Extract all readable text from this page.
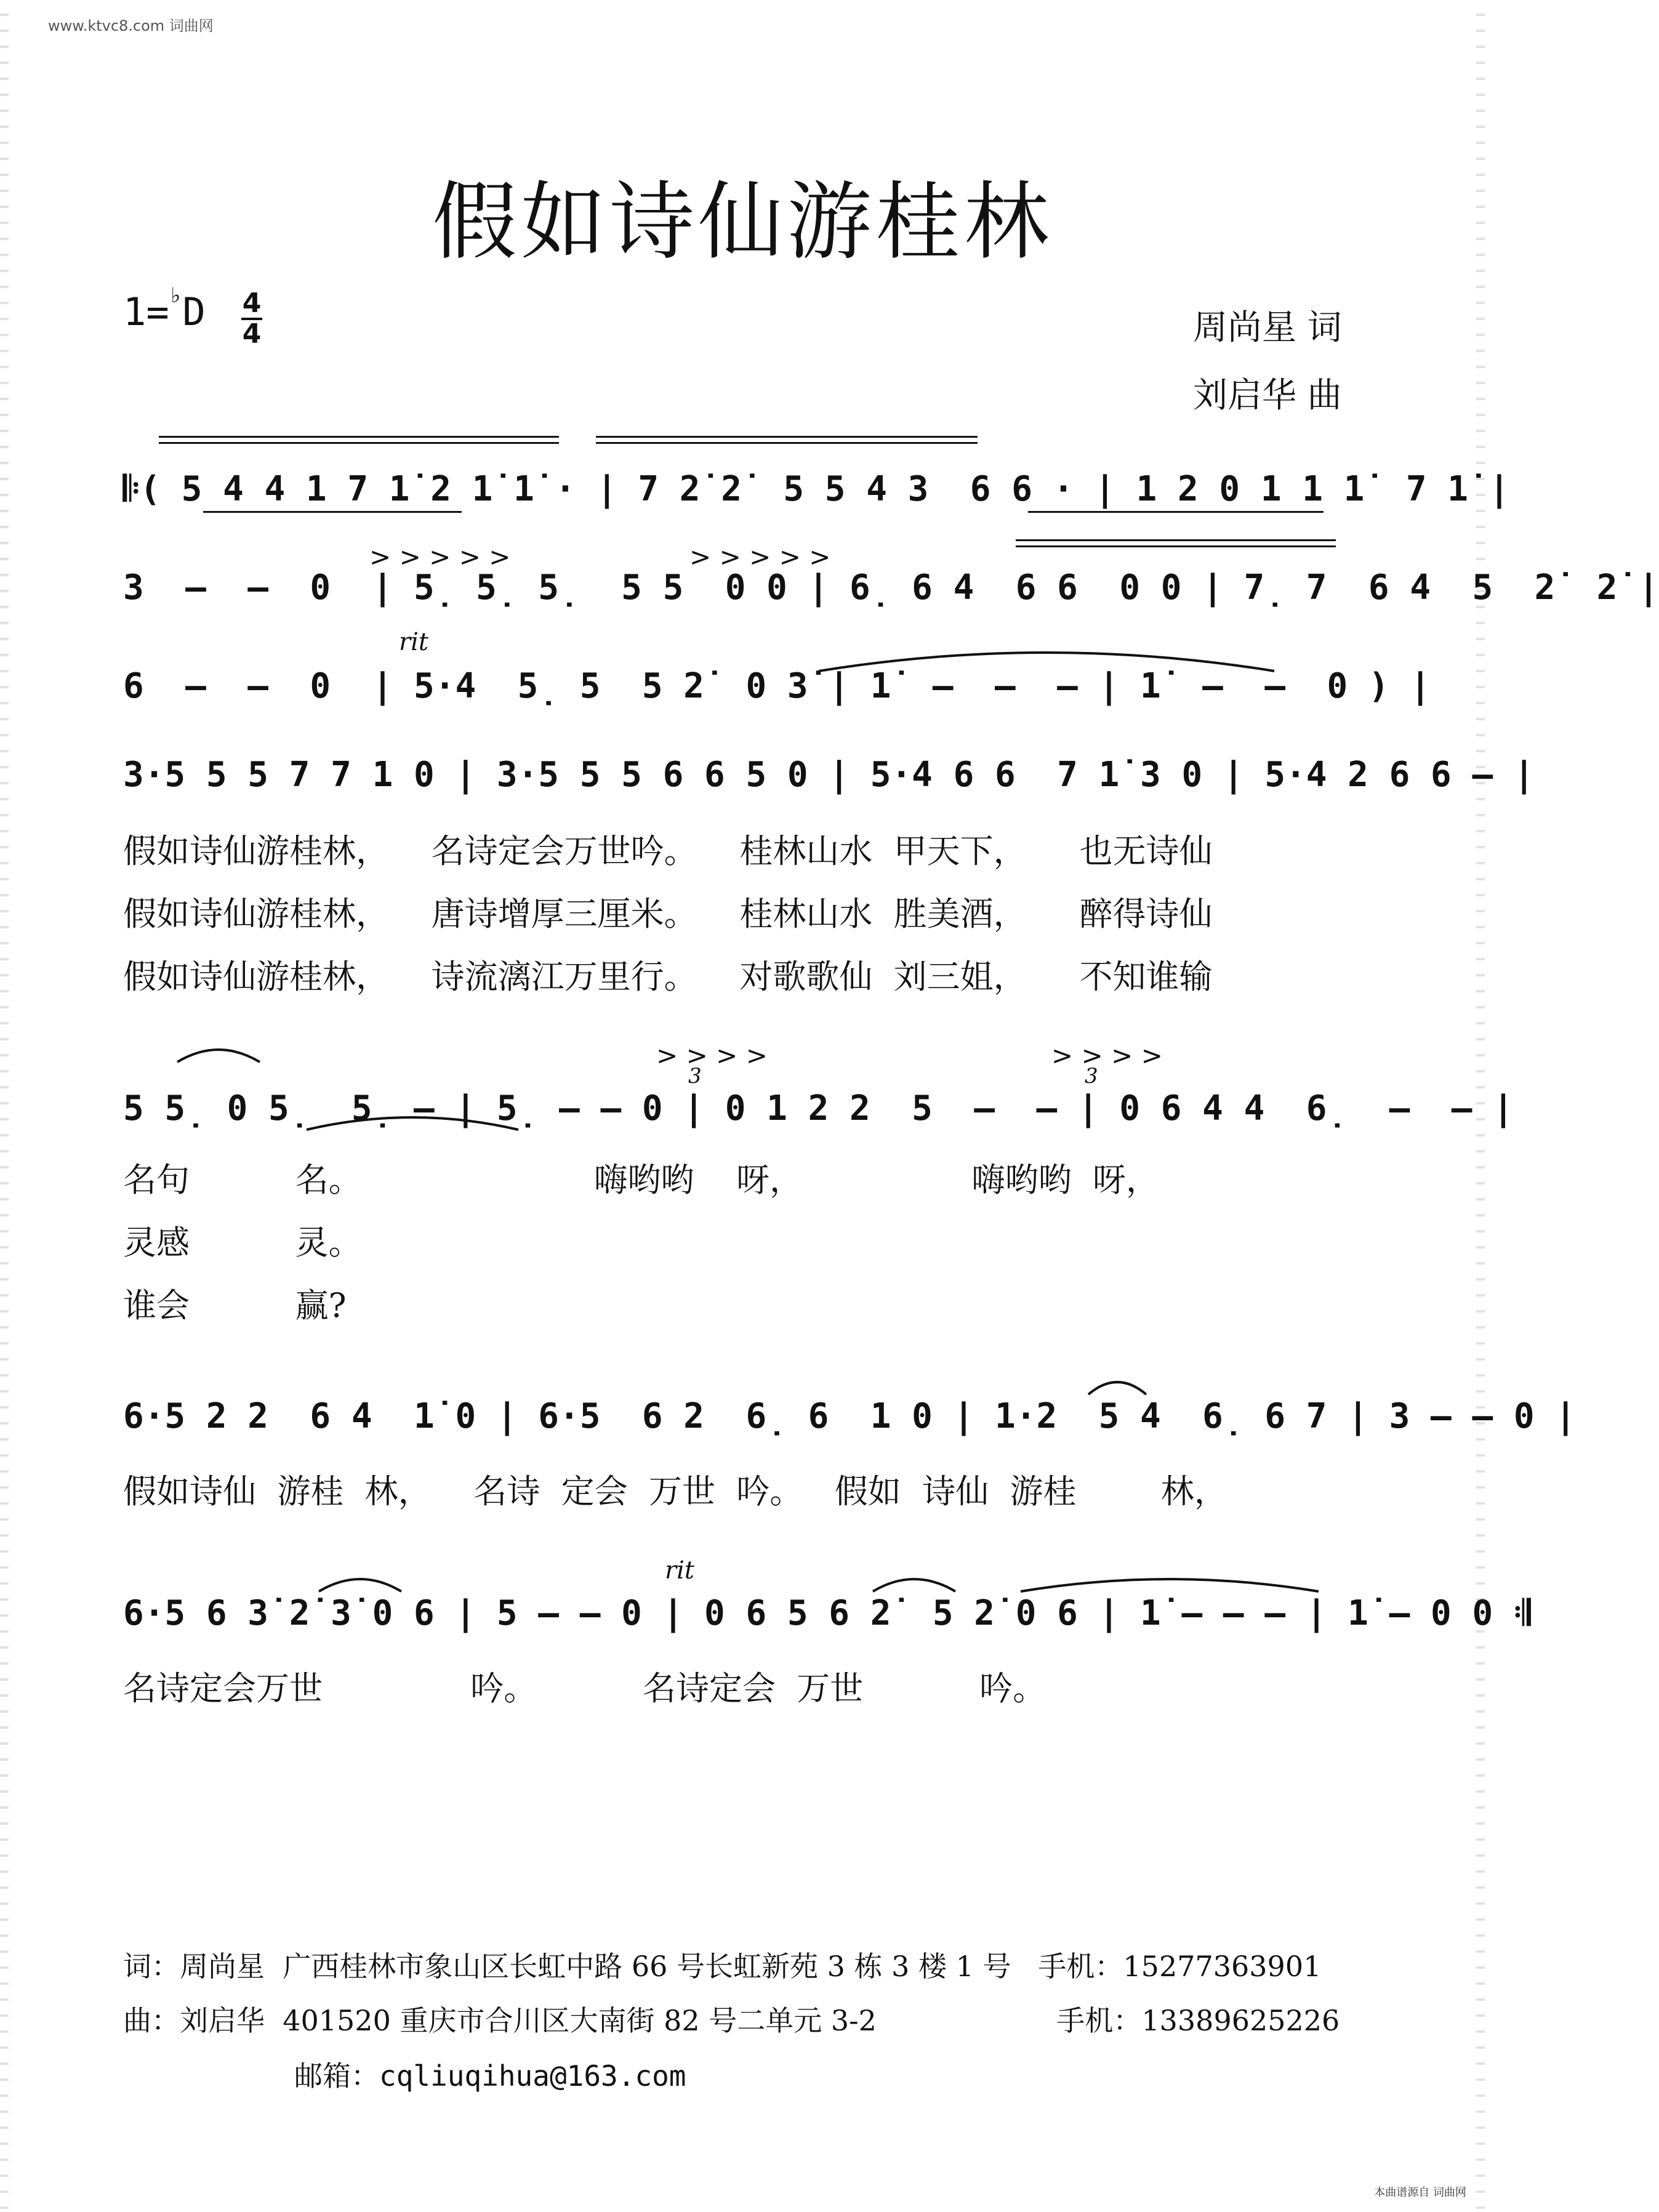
www.ktvc8.com 词曲网
假如诗仙游桂林
1=♭D 4
4	周尚星 词
刘启华 曲
𝄆( 5 4 4 1 7 1̇ 2 1̇ 1̇ · | 7 2̇ 2̇  5 5 4 3  6 6 · | 1 2 0 1 1 1̇  7 1̇ |
> > > > >	> > > > >
3  –  –  0  | 5̣ 5̣ 5̣  5 5  0 0 | 6̣ 6 4  6 6  0 0 | 7̣ 7  6 4  5  2̇  2̇ |
rit
6  –  –  0  | 5·4  5̣ 5  5 2̇  0 3̇ | 1̇  –  –  – | 1̇  –  –  0 ) |
3·5 5 5 7 7 1 0 | 3·5 5 5 6 6 5 0 | 5·4 6 6  7 1̇ 3 0 | 5·4 2 6 6 – |
假如诗仙游桂林，    名诗定会万世吟。    桂林山水  甲天下，     也无诗仙
假如诗仙游桂林，    唐诗增厚三厘米。    桂林山水  胜美酒，     醉得诗仙
假如诗仙游桂林，    诗流漓江万里行。    对歌歌仙  刘三姐，     不知谁输
> > > >
3
> > > >
3
5 5̣ 0 5̣  5̣ – | 5̣ – – 0 | 0 1 2 2  5  –  – | 0 6 4 4  6̣  –  – |
名句          名。                      嗨哟哟    呀，                嗨哟哟  呀，
灵感          灵。
谁会          赢?
6·5 2 2  6 4  1̇ 0 | 6·5  6 2  6̣ 6  1 0 | 1·2  5 4  6̣ 6 7 | 3 – – 0 |
假如诗仙  游桂  林，    名诗  定会  万世  吟。   假如  诗仙  游桂        林，
rit
6·5 6 3̇ 2̇ 3̇ 0 6 | 5 – – 0 | 0 6 5 6 2̇  5 2̇ 0 6 | 1̇ – – – | 1̇ – 0 0 𝄇
名诗定会万世              吟。          名诗定会  万世           吟。
词：周尚星  广西桂林市象山区长虹中路 66 号长虹新苑 3 栋 3 楼 1 号   手机：15277363901
曲：刘启华  401520 重庆市合川区大南街 82 号二单元 3-2                    手机：13389625226
邮箱：cqliuqihua@163.com
本曲谱源自 词曲网
